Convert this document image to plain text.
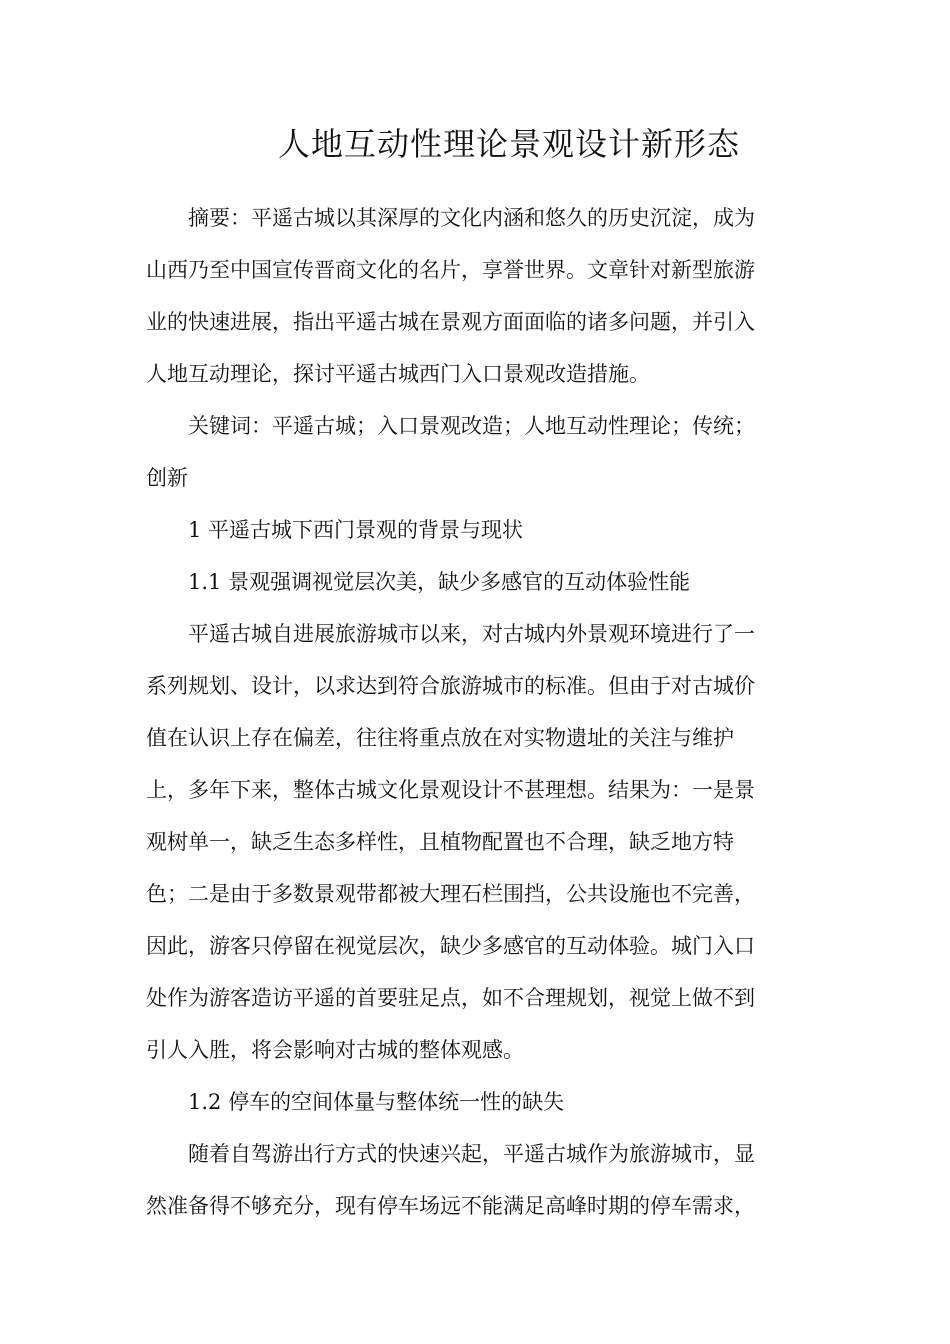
人地互动性理论景观设计新形态
摘要：平遥古城以其深厚的文化内涵和悠久的历史沉淀，成为
山西乃至中国宣传晋商文化的名片，享誉世界。文章针对新型旅游
业的快速进展，指出平遥古城在景观方面面临的诸多问题，并引入
人地互动理论，探讨平遥古城西门入口景观改造措施。
关键词：平遥古城；入口景观改造；人地互动性理论；传统；
创新
1 平遥古城下西门景观的背景与现状
1.1 景观强调视觉层次美，缺少多感官的互动体验性能
平遥古城自进展旅游城市以来，对古城内外景观环境进行了一
系列规划、设计，以求达到符合旅游城市的标准。但由于对古城价
值在认识上存在偏差，往往将重点放在对实物遗址的关注与维护
上，多年下来，整体古城文化景观设计不甚理想。结果为：一是景
观树单一，缺乏生态多样性，且植物配置也不合理，缺乏地方特
色；二是由于多数景观带都被大理石栏围挡，公共设施也不完善，
因此，游客只停留在视觉层次，缺少多感官的互动体验。城门入口
处作为游客造访平遥的首要驻足点，如不合理规划，视觉上做不到
引人入胜，将会影响对古城的整体观感。
1.2 停车的空间体量与整体统一性的缺失
随着自驾游出行方式的快速兴起，平遥古城作为旅游城市，显
然准备得不够充分，现有停车场远不能满足高峰时期的停车需求，
